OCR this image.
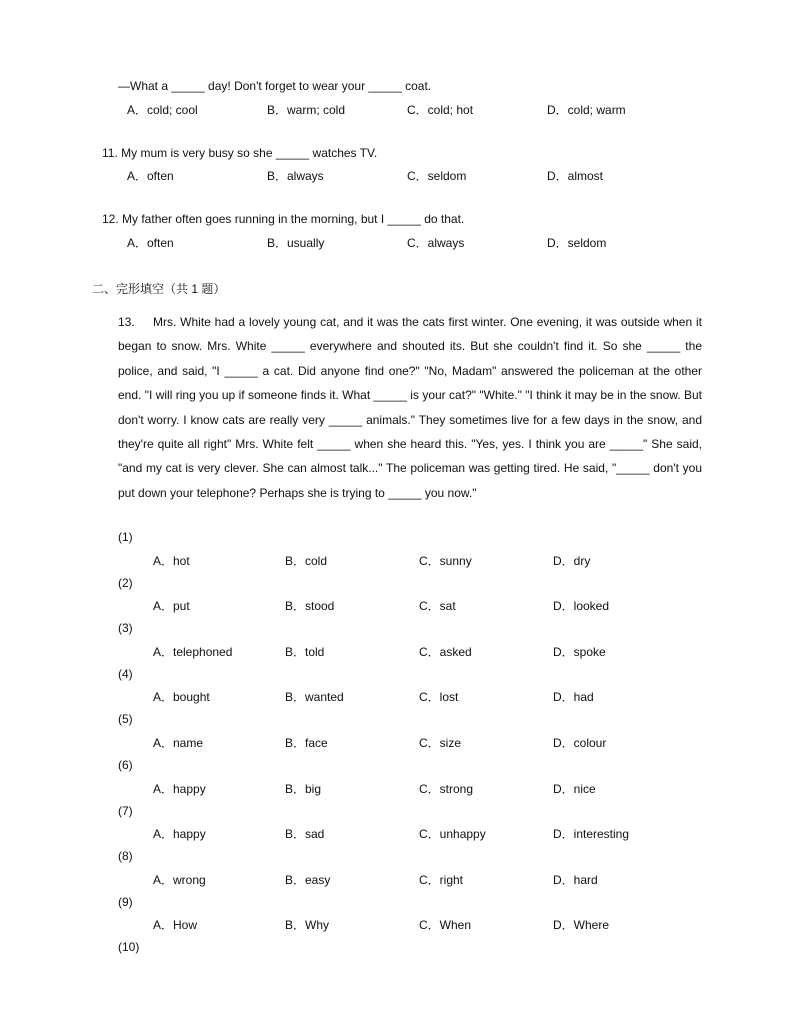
—What a _____ day! Don't forget to wear your _____ coat.
A．cold; cool	B．warm; cold	C．cold; hot	D．cold; warm
11. My mum is very busy so she _____ watches TV.
A．often	B．always	C．seldom	D．almost
12. My father often goes running in the morning, but I _____ do that.
A．often	B．usually	C．always	D．seldom
二、完形填空（共 1 题）

13. Mrs. White had a lovely young cat, and it was the cats first winter. One evening, it was outside when it began to snow. Mrs. White _____ everywhere and shouted its. But she couldn't find it. So she _____ the police, and said, "I _____ a cat. Did anyone find one?" "No, Madam" answered the policeman at the other end. "I will ring you up if someone finds it. What _____ is your cat?" "White." "I think it may be in the snow. But don't worry. I know cats are really very _____ animals." They sometimes live for a few days in the snow, and they're quite all right" Mrs. White felt _____ when she heard this. "Yes, yes. I think you are _____" She said, "and my cat is very clever. She can almost talk..." The policeman was getting tired. He said, "_____ don't you put down your telephone? Perhaps she is trying to _____ you now."

(1)
A．hot	B．cold	C．sunny	D．dry
(2)
A．put	B．stood	C．sat	D．looked
(3)
A．telephoned	B．told	C．asked	D．spoke
(4)
A．bought	B．wanted	C．lost	D．had
(5)
A．name	B．face	C．size	D．colour
(6)
A．happy	B．big	C．strong	D．nice
(7)
A．happy	B．sad	C．unhappy	D．interesting
(8)
A．wrong	B．easy	C．right	D．hard
(9)
A．How	B．Why	C．When	D．Where
(10)
